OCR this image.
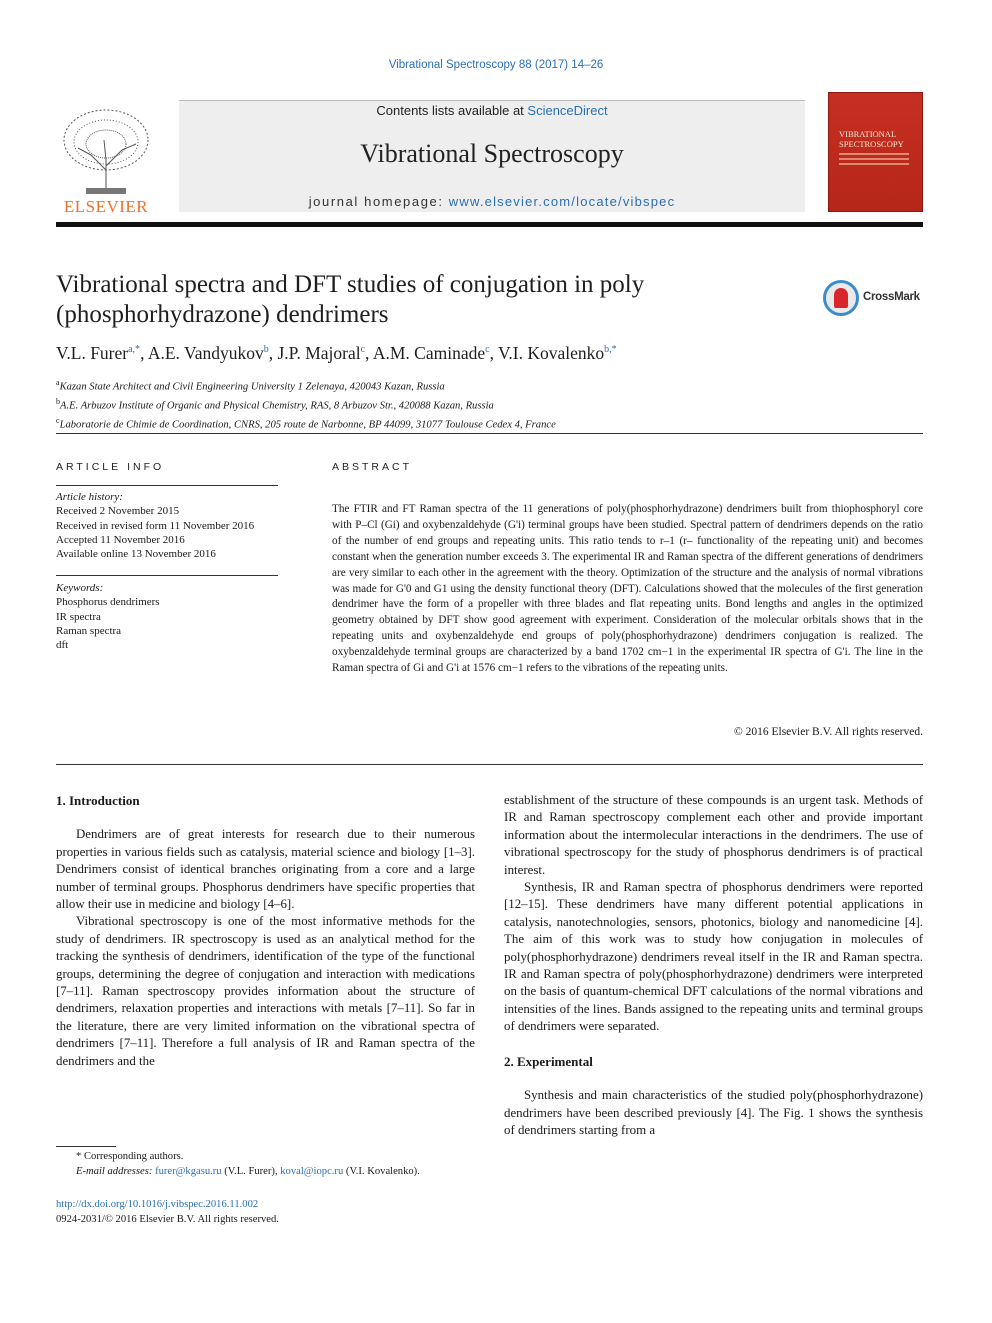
Vibrational Spectroscopy 88 (2017) 14–26
ELSEVIER
Contents lists available at ScienceDirect
Vibrational Spectroscopy
journal homepage: www.elsevier.com/locate/vibspec
VIBRATIONAL SPECTROSCOPY
Vibrational spectra and DFT studies of conjugation in poly
(phosphorhydrazone) dendrimers
CrossMark
V.L. Furer$^{a,*}$, A.E. Vandyukov$^b$, J.P. Majoral$^c$, A.M. Caminade$^c$, V.I. Kovalenko$^{b,*}$
$^a$Kazan State Architect and Civil Engineering University 1 Zelenaya, 420043 Kazan, Russia
$^b$A.E. Arbuzov Institute of Organic and Physical Chemistry, RAS, 8 Arbuzov Str., 420088 Kazan, Russia
$^c$Laboratorie de Chimie de Coordination, CNRS, 205 route de Narbonne, BP 44099, 31077 Toulouse Cedex 4, France
ARTICLE INFO	ABSTRACT
Article history:
Received 2 November 2015
Received in revised form 11 November 2016
Accepted 11 November 2016
Available online 13 November 2016
Keywords:
Phosphorus dendrimers
IR spectra
Raman spectra
dft
The FTIR and FT Raman spectra of the 11 generations of poly(phosphorhydrazone) dendrimers built from thiophosphoryl core with P–Cl (Gi) and oxybenzaldehyde (G'i) terminal groups have been studied. Spectral pattern of dendrimers depends on the ratio of the number of end groups and repeating units. This ratio tends to r–1 (r– functionality of the repeating unit) and becomes constant when the generation number exceeds 3. The experimental IR and Raman spectra of the different generations of dendrimers are very similar to each other in the agreement with the theory. Optimization of the structure and the analysis of normal vibrations was made for G'0 and G1 using the density functional theory (DFT). Calculations showed that the molecules of the first generation dendrimer have the form of a propeller with three blades and flat repeating units. Bond lengths and angles in the optimized geometry obtained by DFT show good agreement with experiment. Consideration of the molecular orbitals shows that in the repeating units and oxybenzaldehyde end groups of poly(phosphorhydrazone) dendrimers conjugation is realized. The oxybenzaldehyde terminal groups are characterized by a band 1702 cm−1 in the experimental IR spectra of G'i. The line in the Raman spectra of Gi and G'i at 1576 cm−1 refers to the vibrations of the repeating units.
© 2016 Elsevier B.V. All rights reserved.
1. Introduction

Dendrimers are of great interests for research due to their numerous properties in various fields such as catalysis, material science and biology [1–3]. Dendrimers consist of identical branches originating from a core and a large number of terminal groups. Phosphorus dendrimers have specific properties that allow their use in medicine and biology [4–6].

Vibrational spectroscopy is one of the most informative methods for the study of dendrimers. IR spectroscopy is used as an analytical method for the tracking the synthesis of dendrimers, identification of the type of the functional groups, determining the degree of conjugation and interaction with medications [7–11]. Raman spectroscopy provides information about the structure of dendrimers, relaxation properties and interactions with metals [7–11]. So far in the literature, there are very limited information on the vibrational spectra of dendrimers [7–11]. Therefore a full analysis of IR and Raman spectra of the dendrimers and the

establishment of the structure of these compounds is an urgent task. Methods of IR and Raman spectroscopy complement each other and provide important information about the intermolecular interactions in the dendrimers. The use of vibrational spectroscopy for the study of phosphorus dendrimers is of practical interest.

Synthesis, IR and Raman spectra of phosphorus dendrimers were reported [12–15]. These dendrimers have many different potential applications in catalysis, nanotechnologies, sensors, photonics, biology and nanomedicine [4]. The aim of this work was to study how conjugation in molecules of poly(phosphorhydrazone) dendrimers reveal itself in the IR and Raman spectra. IR and Raman spectra of poly(phosphorhydrazone) dendrimers were interpreted on the basis of quantum-chemical DFT calculations of the normal vibrations and intensities of the lines. Bands assigned to the repeating units and terminal groups of dendrimers were separated.

2. Experimental

Synthesis and main characteristics of the studied poly(phosphorhydrazone) dendrimers have been described previously [4]. The Fig. 1 shows the synthesis of dendrimers starting from a

* Corresponding authors.
E-mail addresses: furer@kgasu.ru (V.L. Furer), koval@iopc.ru (V.I. Kovalenko).
http://dx.doi.org/10.1016/j.vibspec.2016.11.002
0924-2031/© 2016 Elsevier B.V. All rights reserved.
